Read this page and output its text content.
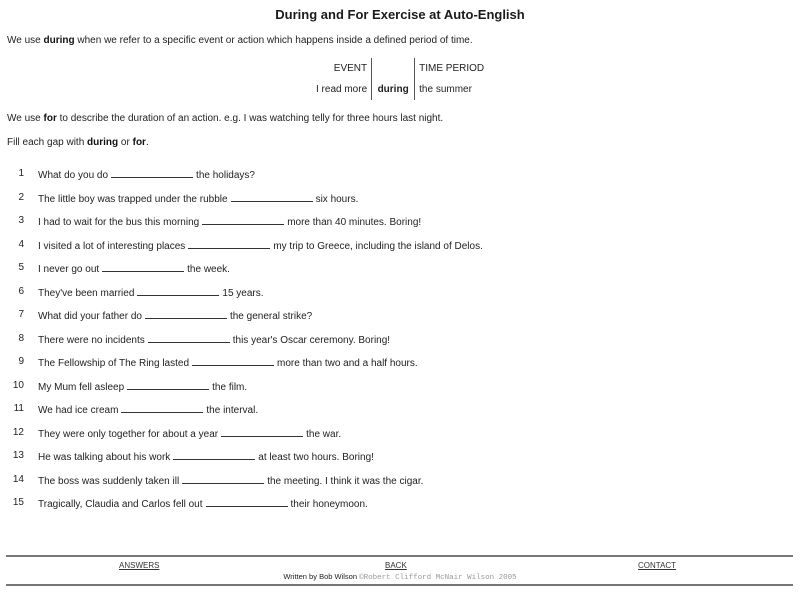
During and For Exercise at Auto-English
We use during when we refer to a specific event or action which happens inside a defined period of time.
EVENT		TIME PERIOD
I read more	during	the summer
We use for to describe the duration of an action. e.g. I was watching telly for three hours last night.
Fill each gap with during or for.
1 What do you do	the holidays?
2 The little boy was trapped under the rubble	six hours.
3 I had to wait for the bus this morning	more than 40 minutes. Boring!
4 I visited a lot of interesting places	my trip to Greece, including the island of Delos.
5 I never go out	the week.
6 They've been married	15 years.
7 What did your father do	the general strike?
8 There were no incidents	this year's Oscar ceremony. Boring!
9 The Fellowship of The Ring lasted	more than two and a half hours.
10 My Mum fell asleep	the film.
11 We had ice cream	the interval.
12 They were only together for about a year	the war.
13 He was talking about his work	at least two hours. Boring!
14 The boss was suddenly taken ill	the meeting. I think it was the cigar.
15 Tragically, Claudia and Carlos fell out	their honeymoon.
ANSWERS	BACK	CONTACT
Written by Bob Wilson ©Robert Clifford McNair Wilson 2005
